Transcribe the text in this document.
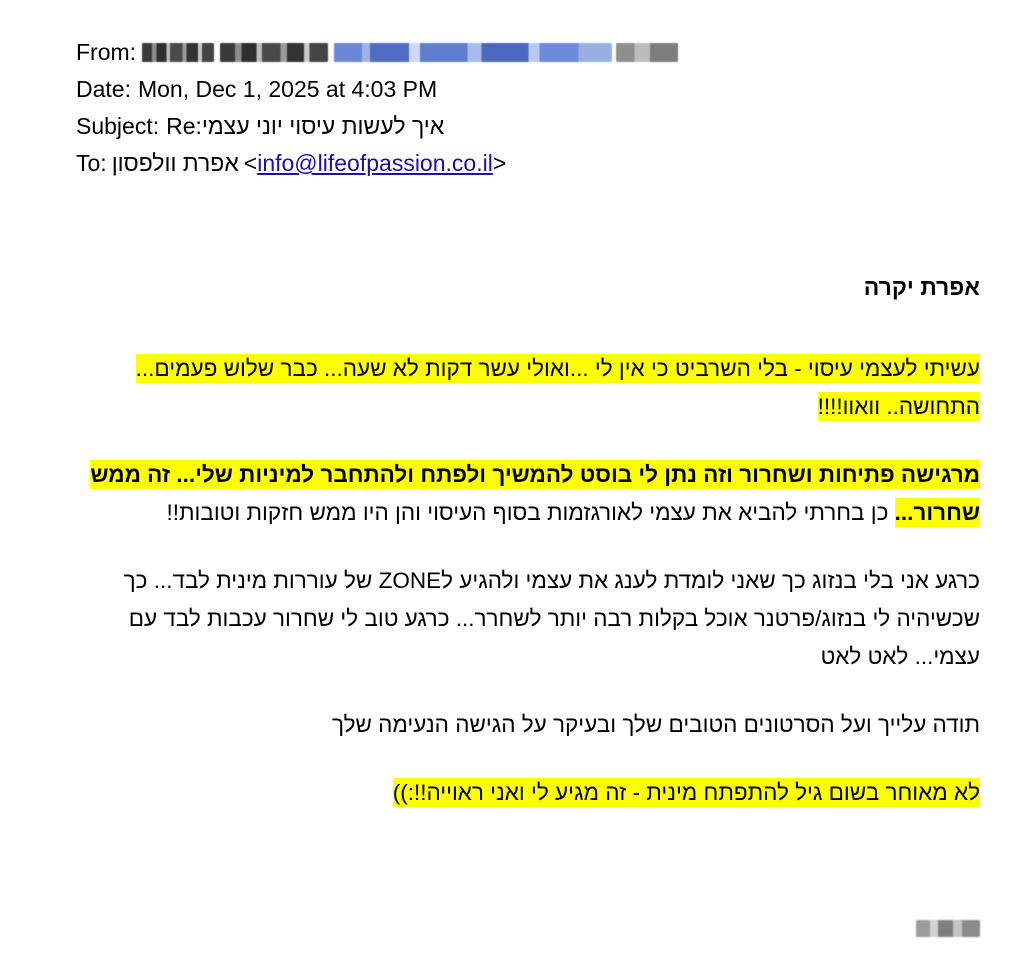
From:
Date: Mon, Dec 1, 2025 at 4:03 PM
Subject: Re: איך לעשות עיסוי יוני עצמי
To: אפרת וולפסון < info@lifeofpassion.co.il >
אפרת יקרה

עשיתי לעצמי עיסוי - בלי השרביט כי אין לי ...ואולי עשר דקות לא שעה... כבר שלוש פעמים... התחושה.. וואוו!!!!

מרגישה פתיחות ושחרור וזה נתן לי בוסט להמשיך ולפתח ולהתחבר למיניות שלי... זה ממש שחרור... כן בחרתי להביא את עצמי לאורגזמות בסוף העיסוי והן היו ממש חזקות וטובות!!

כרגע אני בלי בנזוג כך שאני לומדת לענג את עצמי ולהגיע לZONE של עוררות מינית לבד... כך שכשיהיה לי בנזוג/פרטנר אוכל בקלות רבה יותר לשחרר... כרגע טוב לי שחרור עכבות לבד עם עצמי... לאט לאט

תודה עלייך ועל הסרטונים הטובים שלך ובעיקר על הגישה הנעימה שלך

לא מאוחר בשום גיל להתפתח מינית - זה מגיע לי ואני ראוייה!!:))
